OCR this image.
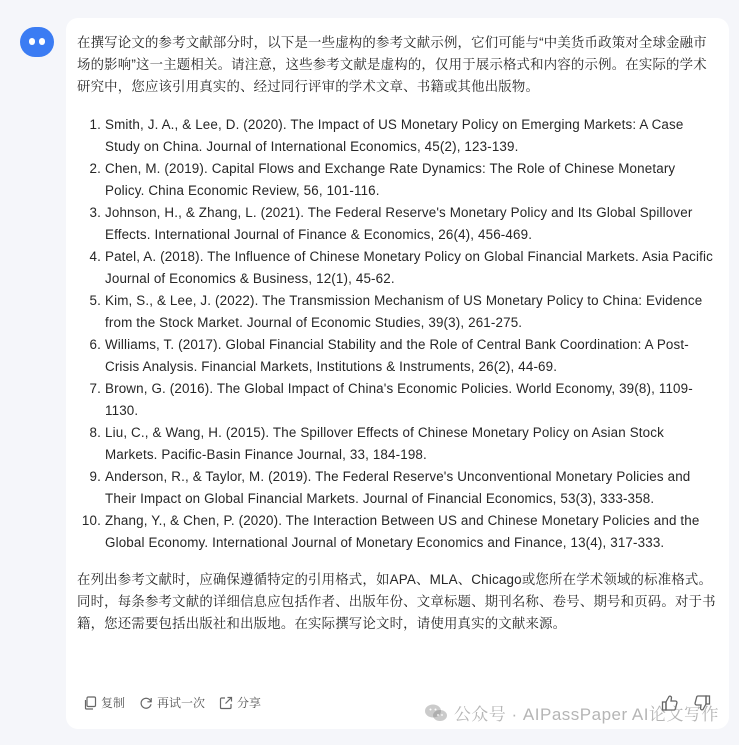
在撰写论文的参考文献部分时，以下是一些虚构的参考文献示例，它们可能与“中美货币政策对全球金融市场的影响”这一主题相关。请注意，这些参考文献是虚构的，仅用于展示格式和内容的示例。在实际的学术研究中，您应该引用真实的、经过同行评审的学术文章、书籍或其他出版物。

1. Smith, J. A., & Lee, D. (2020). The Impact of US Monetary Policy on Emerging Markets: A Case Study on China. Journal of International Economics, 45(2), 123-139.
2. Chen, M. (2019). Capital Flows and Exchange Rate Dynamics: The Role of Chinese Monetary Policy. China Economic Review, 56, 101-116.
3. Johnson, H., & Zhang, L. (2021). The Federal Reserve's Monetary Policy and Its Global Spillover Effects. International Journal of Finance & Economics, 26(4), 456-469.
4. Patel, A. (2018). The Influence of Chinese Monetary Policy on Global Financial Markets. Asia Pacific Journal of Economics & Business, 12(1), 45-62.
5. Kim, S., & Lee, J. (2022). The Transmission Mechanism of US Monetary Policy to China: Evidence from the Stock Market. Journal of Economic Studies, 39(3), 261-275.
6. Williams, T. (2017). Global Financial Stability and the Role of Central Bank Coordination: A Post-Crisis Analysis. Financial Markets, Institutions & Instruments, 26(2), 44-69.
7. Brown, G. (2016). The Global Impact of China's Economic Policies. World Economy, 39(8), 1109-1130.
8. Liu, C., & Wang, H. (2015). The Spillover Effects of Chinese Monetary Policy on Asian Stock Markets. Pacific-Basin Finance Journal, 33, 184-198.
9. Anderson, R., & Taylor, M. (2019). The Federal Reserve's Unconventional Monetary Policies and Their Impact on Global Financial Markets. Journal of Financial Economics, 53(3), 333-358.
10. Zhang, Y., & Chen, P. (2020). The Interaction Between US and Chinese Monetary Policies and the Global Economy. International Journal of Monetary Economics and Finance, 13(4), 317-333.

在列出参考文献时，应确保遵循特定的引用格式，如APA、MLA、Chicago或您所在学术领域的标准格式。同时，每条参考文献的详细信息应包括作者、出版年份、文章标题、期刊名称、卷号、期号和页码。对于书籍，您还需要包括出版社和出版地。在实际撰写论文时，请使用真实的文献来源。

复制	再试一次	分享
公众号 · AIPassPaper AI论文写作
